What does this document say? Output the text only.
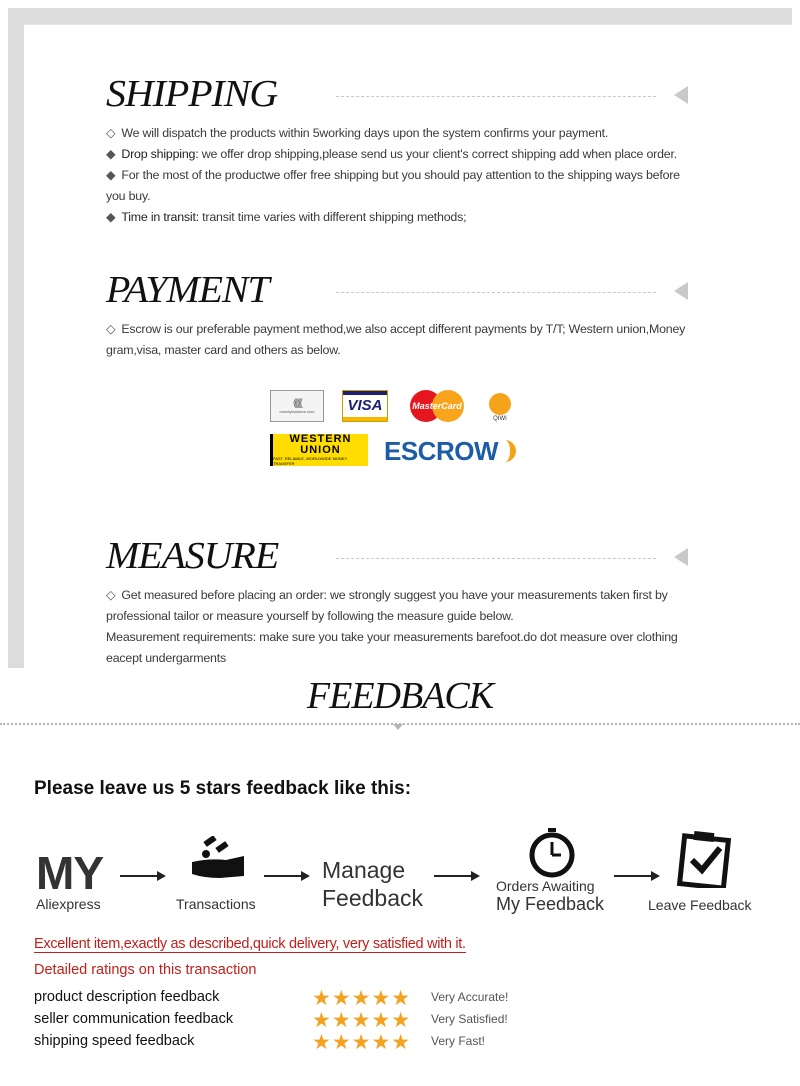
SHIPPING
◇ We will dispatch the products within 5working days upon the system confirms your payment.
◆ Drop shipping: we offer drop shipping,please send us your client's correct shipping add when place order.
◆ For the most of the productwe offer free shipping but you should pay attention to the shipping ways before
you buy.
◆ Time in transit: transit time varies with different shipping methods;
PAYMENT
◇ Escrow is our preferable payment method,we also accept different payments by T/T; Western union,Money
gram,visa, master card and others as below.
((((((
moneybookers.com VISA	MasterCard
QIWI
WESTERN
UNION
FAST, RELIABLE, WORLDWIDE MONEY TRANSFER	ESCROW
MEASURE
◇ Get measured before placing an order: we strongly suggest you have your measurements taken first by
professional tailor or measure yourself by following the measure guide below.
Measurement requirements: make sure you take your measurements barefoot.do dot measure over clothing
eacept undergarments
FEEDBACK
Please leave us 5 stars feedback like this:
MY
Aliexpress	Transactions
Manage
Feedback	Orders Awaiting
My Feedback	Leave Feedback
Excellent item,exactly as described,quick delivery, very satisfied with it.
Detailed ratings on this transaction
product description feedback	★★★★★ Very Accurate!
seller communication feedback	★★★★★ Very Satisfied!
shipping speed feedback	★★★★★ Very Fast!
